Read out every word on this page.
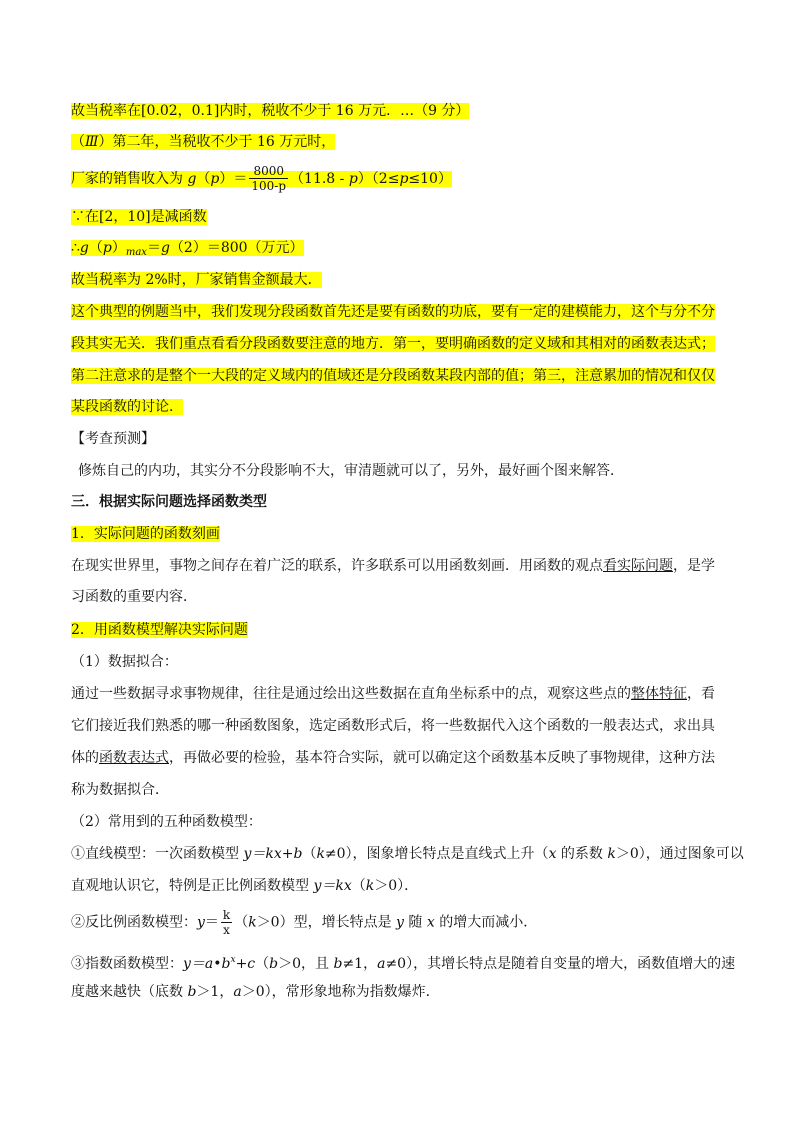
故当税率在[0.02，0.1]内时，税收不少于 16 万元．…（9 分）
（Ⅲ）第二年，当税收不少于 16 万元时，
厂家的销售收入为 $g(p)= \frac{8000}{100-p} (11.8 - p)(2\le p\le 10)$
∵在[2，10]是减函数
$\therefore g(p)_{max}=g(2)=800$（万元）
故当税率为 2%时，厂家销售金额最大．
这个典型的例题当中，我们发现分段函数首先还是要有函数的功底，要有一定的建模能力，这个与分不分
段其实无关．我们重点看看分段函数要注意的地方．第一，要明确函数的定义域和其相对的函数表达式；
第二注意求的是整个一大段的定义域内的值域还是分段函数某段内部的值；第三，注意累加的情况和仅仅
某段函数的讨论．
【考查预测】
修炼自己的内功，其实分不分段影响不大，审清题就可以了，另外，最好画个图来解答．
三．根据实际问题选择函数类型
1．实际问题的函数刻画
在现实世界里，事物之间存在着广泛的联系，许多联系可以用函数刻画．用函数的观点看实际问题，是学
习函数的重要内容．
2．用函数模型解决实际问题
（1）数据拟合：
通过一些数据寻求事物规律，往往是通过绘出这些数据在直角坐标系中的点，观察这些点的整体特征，看
它们接近我们熟悉的哪一种函数图象，选定函数形式后，将一些数据代入这个函数的一般表达式，求出具
体的函数表达式，再做必要的检验，基本符合实际，就可以确定这个函数基本反映了事物规律，这种方法
称为数据拟合．
（2）常用到的五种函数模型：
①直线模型：一次函数模型 y＝kx+b（k≠0），图象增长特点是直线式上升（x 的系数 k＞0），通过图象可以
直观地认识它，特例是正比例函数模型 y＝kx（k＞0）．
②反比例函数模型：$y= \frac{k}{x} (k>0)$型，增长特点是 y 随 x 的增大而减小．
③指数函数模型：$y=a•b^x+c(b>0$，且 b≠1，a≠0），其增长特点是随着自变量的增大，函数值增大的速
度越来越快（底数 b＞1，a＞0），常形象地称为指数爆炸．
